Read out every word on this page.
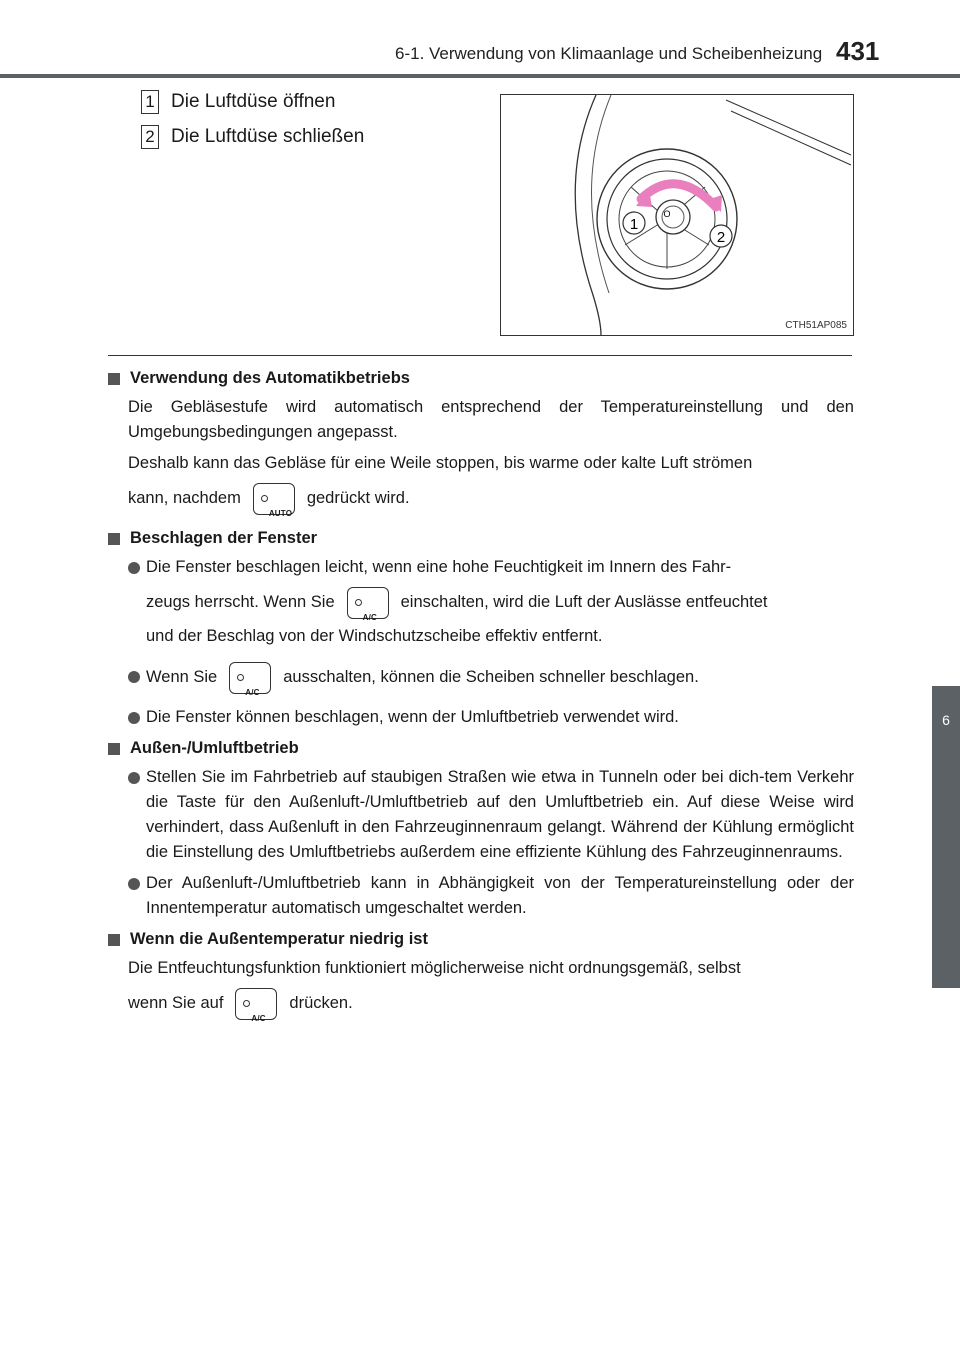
6-1. Verwendung von Klimaanlage und Scheibenheizung 431
6
Innenraumausstattung
1 Die Luftdüse öffnen
2 Die Luftdüse schließen
1
2
O
CTH51AP085
Verwendung des Automatikbetriebs

Die Gebläsestufe wird automatisch entsprechend der Temperatureinstellung und den Umgebungsbedingungen angepasst.

Deshalb kann das Gebläse für eine Weile stoppen, bis warme oder kalte Luft strömen

kann, nachdem
AUTO
gedrückt wird.

Beschlagen der Fenster
Die Fenster beschlagen leicht, wenn eine hohe Feuchtigkeit im Innern des Fahr-
zeugs herrscht. Wenn Sie
A/C
einschalten, wird die Luft der Auslässe entfeuchtet
und der Beschlag von der Windschutzscheibe effektiv entfernt.
Wenn Sie
A/C
ausschalten, können die Scheiben schneller beschlagen.
Die Fenster können beschlagen, wenn der Umluftbetrieb verwendet wird.
Außen-/Umluftbetrieb
Stellen Sie im Fahrbetrieb auf staubigen Straßen wie etwa in Tunneln oder bei dich-tem Verkehr die Taste für den Außenluft-/Umluftbetrieb auf den Umluftbetrieb ein. Auf diese Weise wird verhindert, dass Außenluft in den Fahrzeuginnenraum gelangt. Während der Kühlung ermöglicht die Einstellung des Umluftbetriebs außerdem eine effiziente Kühlung des Fahrzeuginnenraums.
Der Außenluft-/Umluftbetrieb kann in Abhängigkeit von der Temperatureinstellung oder der Innentemperatur automatisch umgeschaltet werden.
Wenn die Außentemperatur niedrig ist

Die Entfeuchtungsfunktion funktioniert möglicherweise nicht ordnungsgemäß, selbst

wenn Sie auf
A/C
drücken.
